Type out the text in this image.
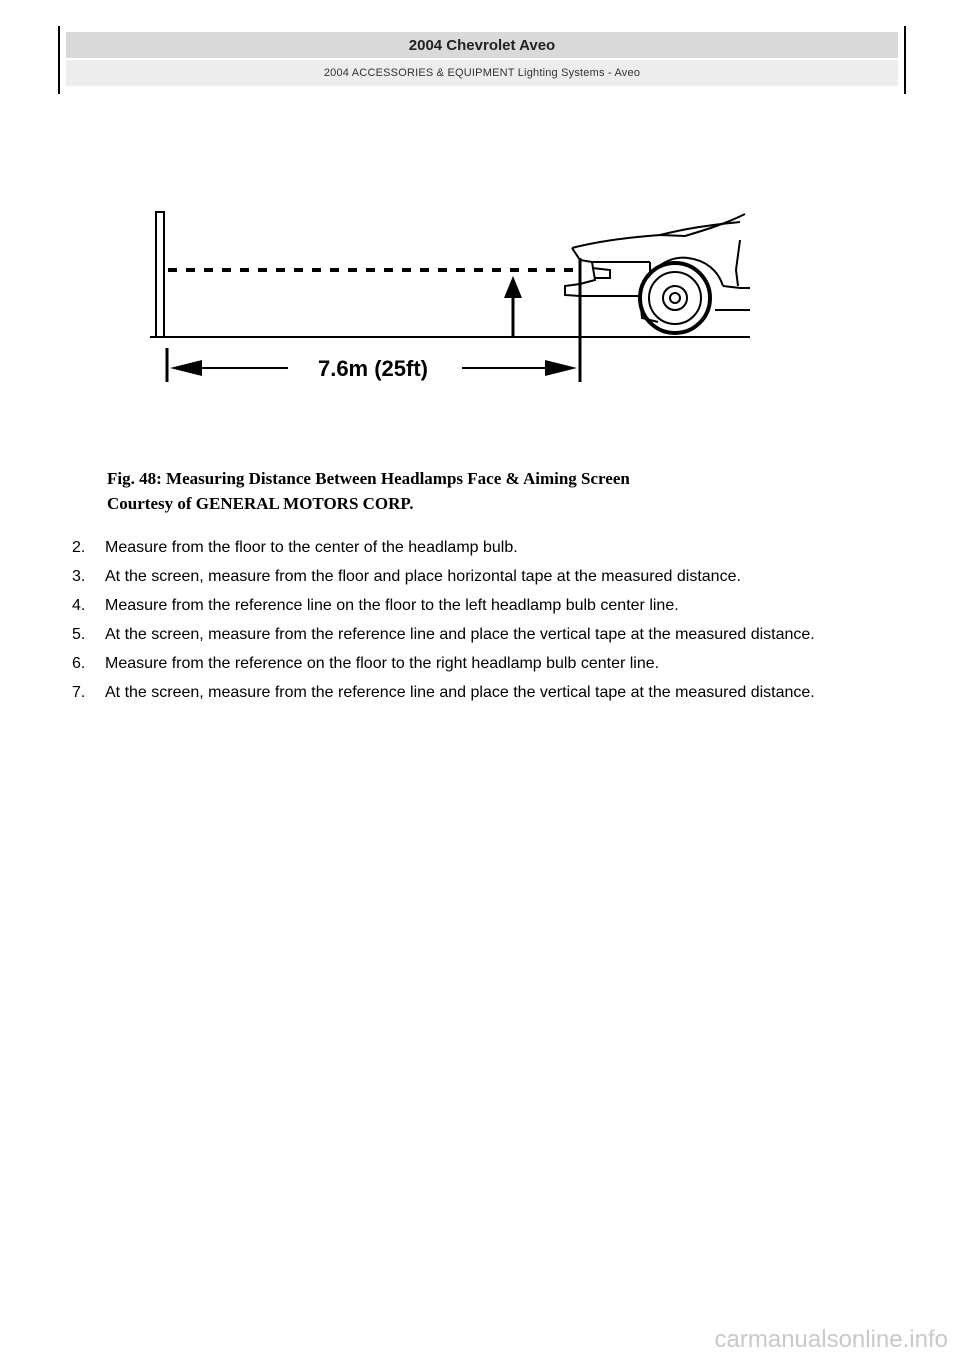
2004 Chevrolet Aveo
2004 ACCESSORIES & EQUIPMENT Lighting Systems - Aveo
7.6m (25ft)
Fig. 48: Measuring Distance Between Headlamps Face & Aiming Screen
Courtesy of GENERAL MOTORS CORP.
2. Measure from the floor to the center of the headlamp bulb.
3. At the screen, measure from the floor and place horizontal tape at the measured distance.
4. Measure from the reference line on the floor to the left headlamp bulb center line.
5. At the screen, measure from the reference line and place the vertical tape at the measured distance.
6. Measure from the reference on the floor to the right headlamp bulb center line.
7. At the screen, measure from the reference line and place the vertical tape at the measured distance.
carmanualsonline.info
